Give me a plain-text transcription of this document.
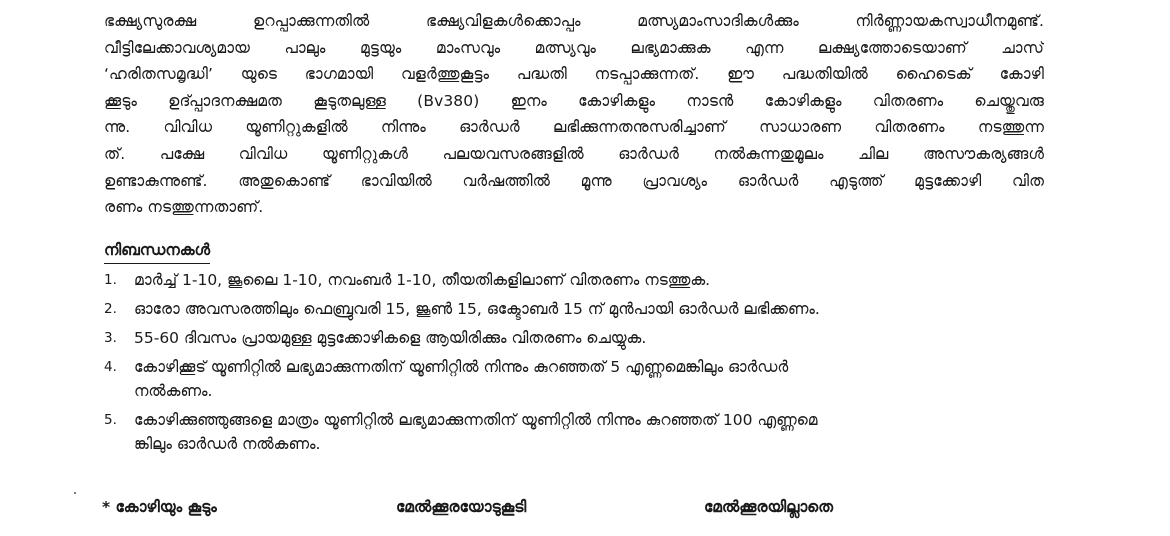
ഭക്ഷ്യസുരക്ഷ ഉറപ്പാക്കുന്നതിൽ ഭക്ഷ്യവിളകൾക്കൊപ്പം മത്സ്യമാംസാദികൾക്കും നിർണ്ണായകസ്വാധീനമുണ്ട്.
വീട്ടിലേക്കാവശ്യമായ പാലും മുട്ടയും മാംസവും മത്സ്യവും ലഭ്യമാക്കുക എന്ന ലക്ഷ്യത്തോടെയാണ് ചാസ്
‘ഹരിതസമൃദ്ധി’ യുടെ ഭാഗമായി വളർത്തുകൂട്ടം പദ്ധതി നടപ്പാക്കുന്നത്. ഈ പദ്ധതിയിൽ ഹൈടെക് കോഴി
ക്കൂടും ഉദ്പ്പാദനക്ഷമത കൂടുതലുള്ള (Bv380) ഇനം കോഴികളും നാടൻ കോഴികളും വിതരണം ചെയ്തുവരു
ന്നു. വിവിധ യൂണിറ്റുകളിൽ നിന്നും ഓർഡർ ലഭിക്കുന്നതനുസരിച്ചാണ് സാധാരണ വിതരണം നടത്തുന്ന
ത്. പക്ഷേ വിവിധ യൂണിറ്റുകൾ പലയവസരങ്ങളിൽ ഓർഡർ നൽകുന്നതുമൂലം ചില അസൗകര്യങ്ങൾ
ഉണ്ടാകുന്നുണ്ട്. അതുകൊണ്ട് ഭാവിയിൽ വർഷത്തിൽ മൂന്നു പ്രാവശ്യം ഓർഡർ എടുത്ത് മുട്ടക്കോഴി വിത
രണം നടത്തുന്നതാണ്.
നിബന്ധനകൾ
1.	മാർച്ച് 1-10, ജൂലൈ 1-10, നവംബർ 1-10, തീയതികളിലാണ് വിതരണം നടത്തുക.
2.	ഓരോ അവസരത്തിലും ഫെബ്രുവരി 15, ജൂൺ 15, ഒക്ടോബർ 15 ന് മുൻപായി ഓർഡർ ലഭിക്കണം.
3.	55-60 ദിവസം പ്രായമുള്ള മുട്ടക്കോഴികളെ ആയിരിക്കും വിതരണം ചെയ്യുക.
4.	കോഴിക്കൂട് യൂണിറ്റിൽ ലഭ്യമാക്കുന്നതിന് യൂണിറ്റിൽ നിന്നും കുറഞ്ഞത് 5 എണ്ണമെങ്കിലും ഓർഡർ
നൽകണം.
5.	കോഴിക്കുഞ്ഞുങ്ങളെ മാത്രം യൂണിറ്റിൽ ലഭ്യമാക്കുന്നതിന് യൂണിറ്റിൽ നിന്നും കുറഞ്ഞത് 100 എണ്ണമെ
ങ്കിലും ഓർഡർ നൽകണം.
* കോഴിയും കൂടും	മേൽക്കൂരയോടുകൂടി	മേൽക്കൂരയില്ലാതെ
